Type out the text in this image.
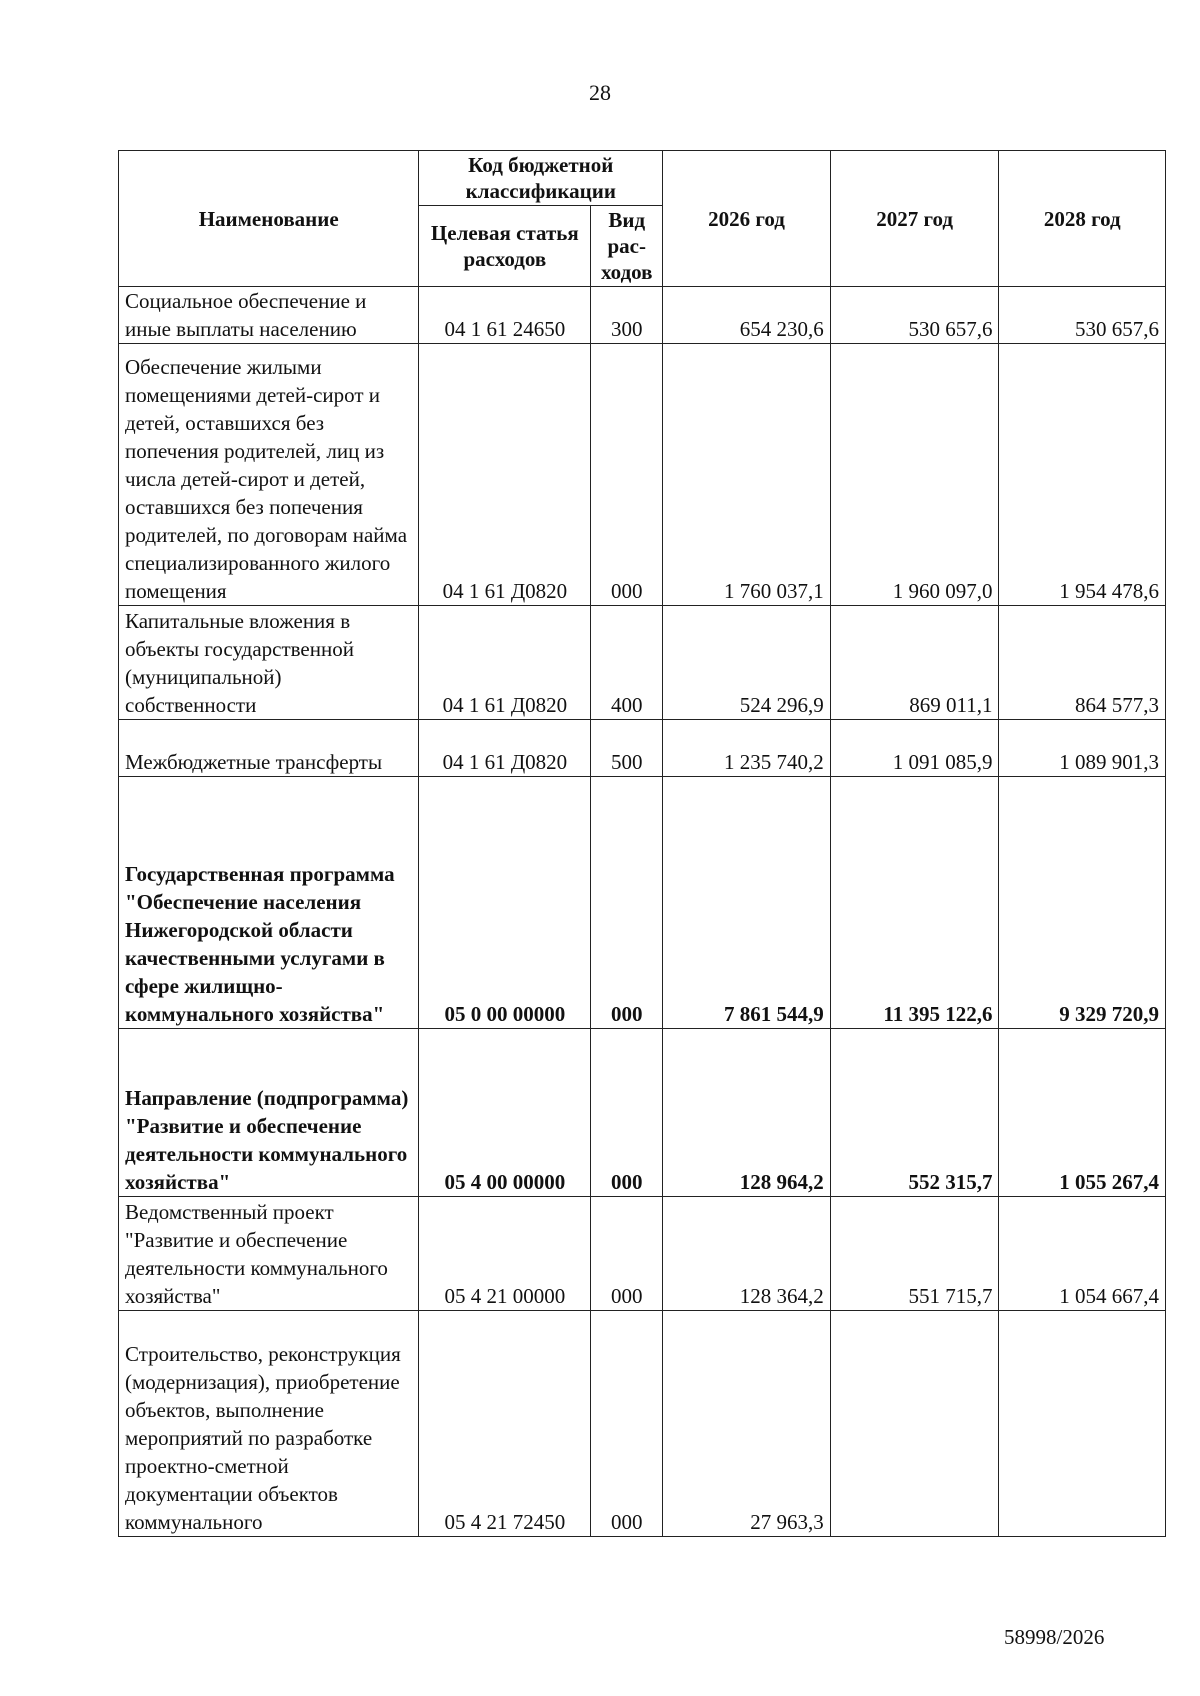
28
Наименование	Код бюджетной классификации		2026 год	2027 год	2028 год
	Целевая статья расходов	Вид рас-ходов			
Социальное обеспечение и иные выплаты населению	04 1 61 24650	300	654 230,6	530 657,6	530 657,6
Обеспечение жилыми помещениями детей-сирот и детей, оставшихся без попечения родителей, лиц из числа детей-сирот и детей, оставшихся без попечения родителей, по договорам найма специализированного жилого помещения	04 1 61 Д0820	000	1 760 037,1	1 960 097,0	1 954 478,6
Капитальные вложения в объекты государственной (муниципальной) собственности	04 1 61 Д0820	400	524 296,9	869 011,1	864 577,3
Межбюджетные трансферты	04 1 61 Д0820	500	1 235 740,2	1 091 085,9	1 089 901,3
Государственная программа "Обеспечение населения Нижегородской области качественными услугами в сфере жилищно-коммунального хозяйства"	05 0 00 00000	000	7 861 544,9	11 395 122,6	9 329 720,9
Направление (подпрограмма) "Развитие и обеспечение деятельности коммунального хозяйства"	05 4 00 00000	000	128 964,2	552 315,7	1 055 267,4
Ведомственный проект "Развитие и обеспечение деятельности коммунального хозяйства"	05 4 21 00000	000	128 364,2	551 715,7	1 054 667,4
Строительство, реконструкция (модернизация), приобретение объектов, выполнение мероприятий по разработке проектно-сметной документации объектов коммунального	05 4 21 72450	000	27 963,3		
58998/2026
